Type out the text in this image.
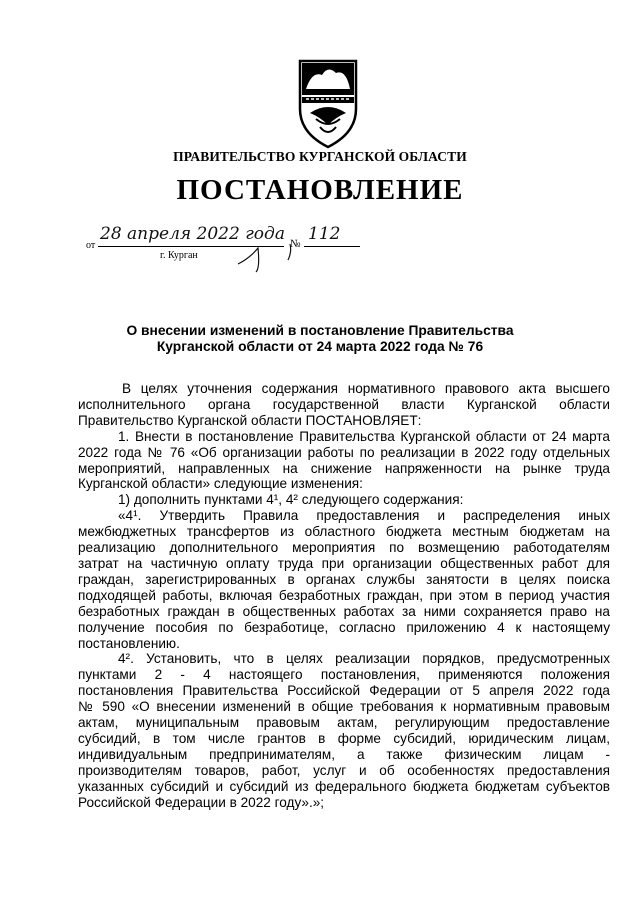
ПРАВИТЕЛЬСТВО КУРГАНСКОЙ ОБЛАСТИ
ПОСТАНОВЛЕНИЕ
от
28 апреля 2022 года № 112
г. Курган
О внесении изменений в постановление Правительства
Курганской области от 24 марта 2022 года № 76
В целях уточнения содержания нормативного правового акта высшего
исполнительного органа государственной власти Курганской области
Правительство Курганской области ПОСТАНОВЛЯЕТ:
1. Внести в постановление Правительства Курганской области от 24 марта
2022 года № 76 «Об организации работы по реализации в 2022 году отдельных
мероприятий, направленных на снижение напряженности на рынке труда
Курганской области» следующие изменения:
1) дополнить пунктами 4¹, 4² следующего содержания:
«4¹. Утвердить Правила предоставления и распределения иных
межбюджетных трансфертов из областного бюджета местным бюджетам на
реализацию дополнительного мероприятия по возмещению работодателям
затрат на частичную оплату труда при организации общественных работ для
граждан, зарегистрированных в органах службы занятости в целях поиска
подходящей работы, включая безработных граждан, при этом в период участия
безработных граждан в общественных работах за ними сохраняется право на
получение пособия по безработице, согласно приложению 4 к настоящему
постановлению.
4². Установить, что в целях реализации порядков, предусмотренных
пунктами 2 - 4 настоящего постановления, применяются положения
постановления Правительства Российской Федерации от 5 апреля 2022 года
№ 590 «О внесении изменений в общие требования к нормативным правовым
актам, муниципальным правовым актам, регулирующим предоставление
субсидий, в том числе грантов в форме субсидий, юридическим лицам,
индивидуальным предпринимателям, а также физическим лицам -
производителям товаров, работ, услуг и об особенностях предоставления
указанных субсидий и субсидий из федерального бюджета бюджетам субъектов
Российской Федерации в 2022 году».»;
